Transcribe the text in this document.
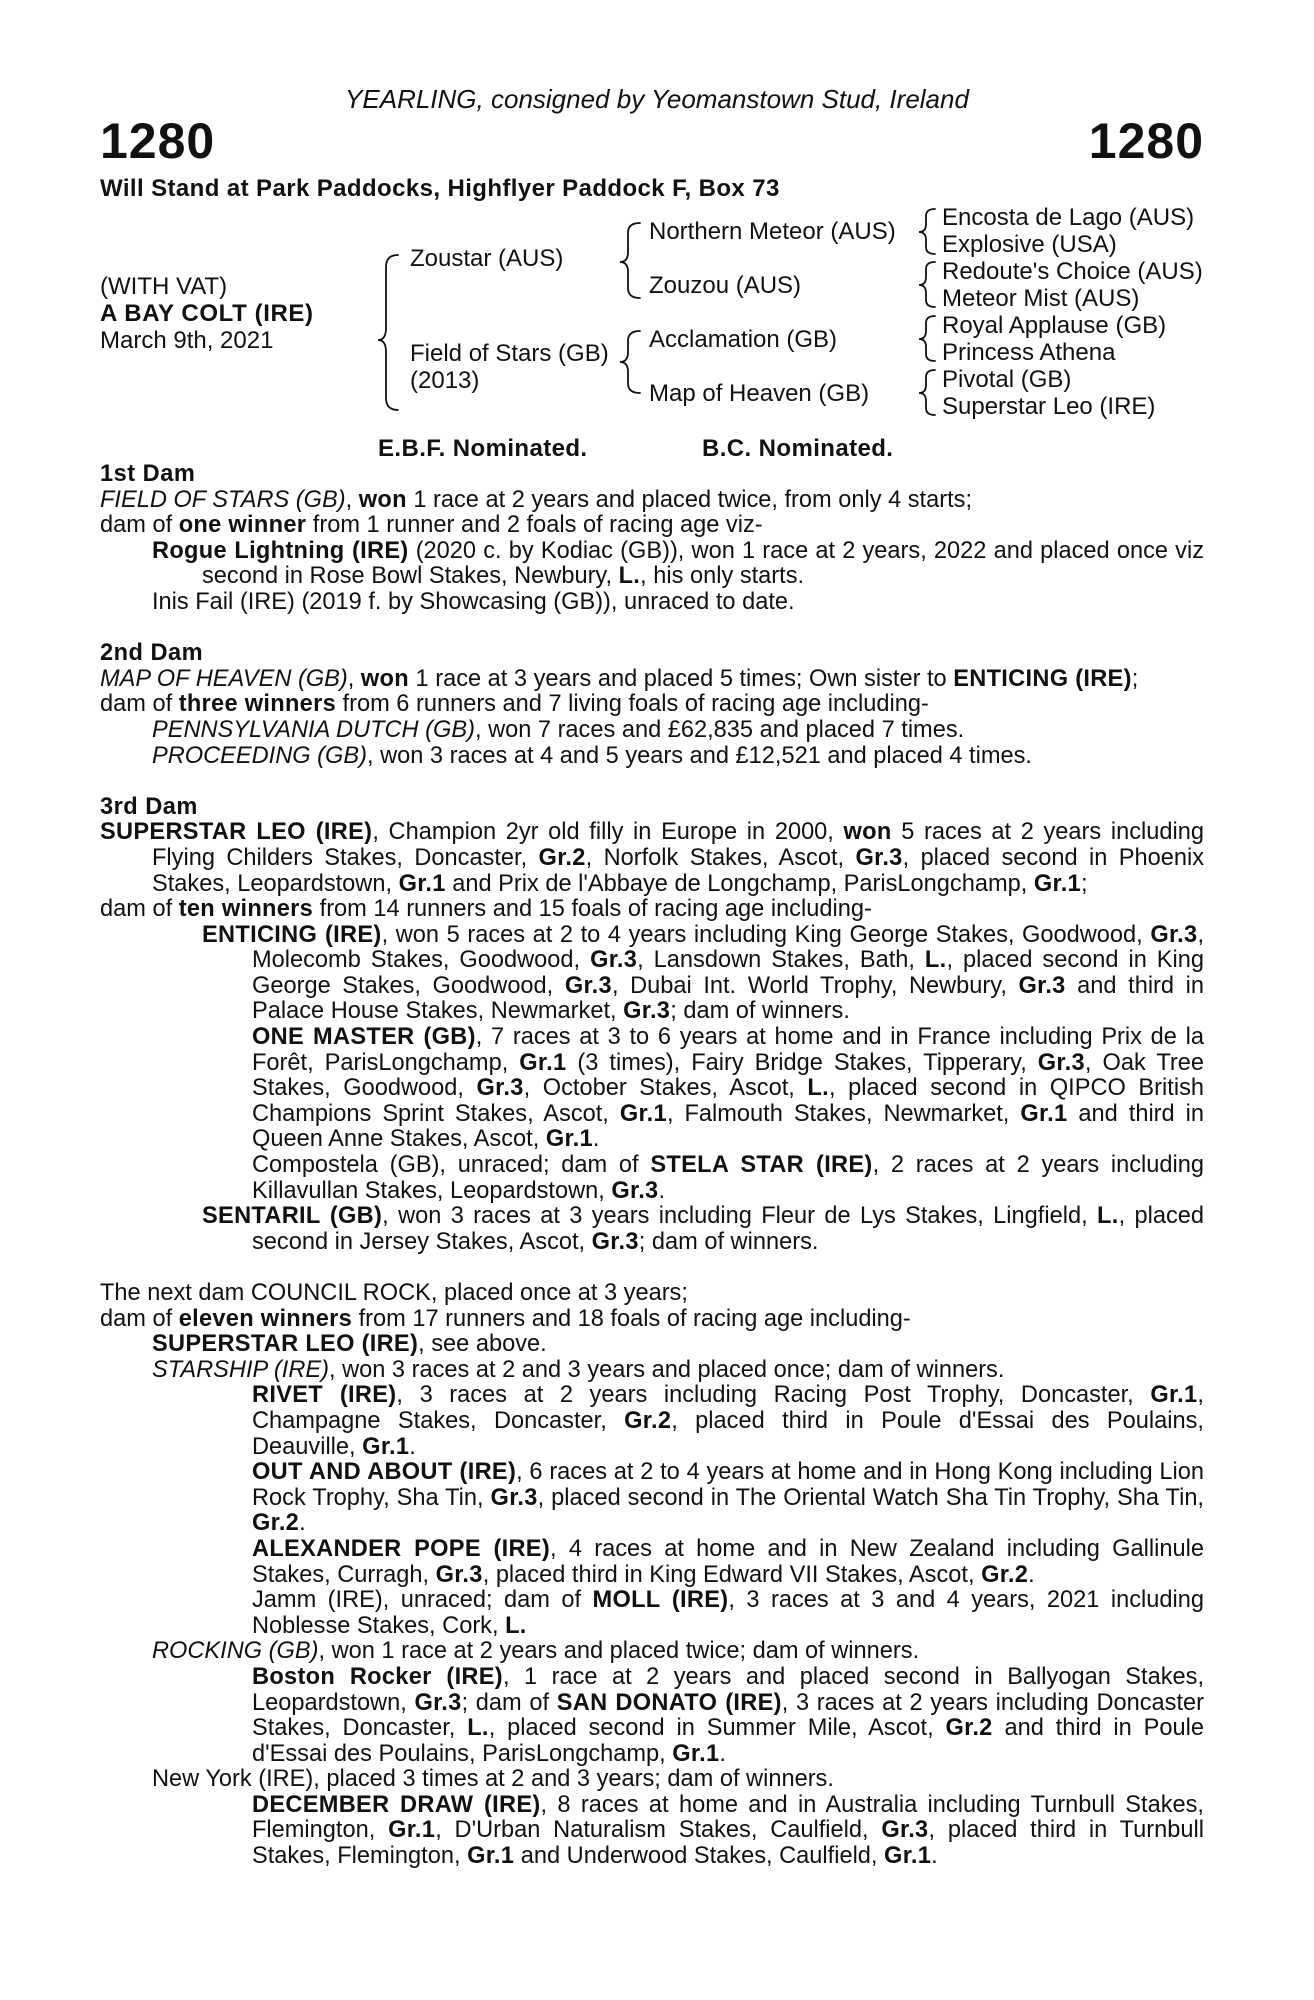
YEARLING, consigned by Yeomanstown Stud, Ireland
1280	1280
Will Stand at Park Paddocks, Highflyer Paddock F, Box 73
(WITH VAT)
A BAY COLT (IRE)
March 9th, 2021
Zoustar (AUS)
Field of Stars (GB)
(2013)
Northern Meteor (AUS)
Zouzou (AUS)
Acclamation (GB)
Map of Heaven (GB)
Encosta de Lago (AUS)
Explosive (USA)
Redoute's Choice (AUS)
Meteor Mist (AUS)
Royal Applause (GB)
Princess Athena
Pivotal (GB)
Superstar Leo (IRE)
E.B.F. Nominated.	B.C. Nominated.

1st Dam

FIELD OF STARS (GB), won 1 race at 2 years and placed twice, from only 4 starts;

dam of one winner from 1 runner and 2 foals of racing age viz-

Rogue Lightning (IRE) (2020 c. by Kodiac (GB)), won 1 race at 2 years, 2022 and placed once viz second in Rose Bowl Stakes, Newbury, L., his only starts.

Inis Fail (IRE) (2019 f. by Showcasing (GB)), unraced to date.

2nd Dam

MAP OF HEAVEN (GB), won 1 race at 3 years and placed 5 times; Own sister to ENTICING (IRE);

dam of three winners from 6 runners and 7 living foals of racing age including-

PENNSYLVANIA DUTCH (GB), won 7 races and £62,835 and placed 7 times.

PROCEEDING (GB), won 3 races at 4 and 5 years and £12,521 and placed 4 times.

3rd Dam

SUPERSTAR LEO (IRE), Champion 2yr old filly in Europe in 2000, won 5 races at 2 years including Flying Childers Stakes, Doncaster, Gr.2, Norfolk Stakes, Ascot, Gr.3, placed second in Phoenix Stakes, Leopardstown, Gr.1 and Prix de l'Abbaye de Longchamp, ParisLongchamp, Gr.1;

dam of ten winners from 14 runners and 15 foals of racing age including-

ENTICING (IRE), won 5 races at 2 to 4 years including King George Stakes, Goodwood, Gr.3, Molecomb Stakes, Goodwood, Gr.3, Lansdown Stakes, Bath, L., placed second in King George Stakes, Goodwood, Gr.3, Dubai Int. World Trophy, Newbury, Gr.3 and third in Palace House Stakes, Newmarket, Gr.3; dam of winners.

ONE MASTER (GB), 7 races at 3 to 6 years at home and in France including Prix de la Forêt, ParisLongchamp, Gr.1 (3 times), Fairy Bridge Stakes, Tipperary, Gr.3, Oak Tree Stakes, Goodwood, Gr.3, October Stakes, Ascot, L., placed second in QIPCO British Champions Sprint Stakes, Ascot, Gr.1, Falmouth Stakes, Newmarket, Gr.1 and third in Queen Anne Stakes, Ascot, Gr.1.

Compostela (GB), unraced; dam of STELA STAR (IRE), 2 races at 2 years including Killavullan Stakes, Leopardstown, Gr.3.

SENTARIL (GB), won 3 races at 3 years including Fleur de Lys Stakes, Lingfield, L., placed second in Jersey Stakes, Ascot, Gr.3; dam of winners.

The next dam COUNCIL ROCK, placed once at 3 years;

dam of eleven winners from 17 runners and 18 foals of racing age including-

SUPERSTAR LEO (IRE), see above.

STARSHIP (IRE), won 3 races at 2 and 3 years and placed once; dam of winners.

RIVET (IRE), 3 races at 2 years including Racing Post Trophy, Doncaster, Gr.1, Champagne Stakes, Doncaster, Gr.2, placed third in Poule d'Essai des Poulains, Deauville, Gr.1.

OUT AND ABOUT (IRE), 6 races at 2 to 4 years at home and in Hong Kong including Lion Rock Trophy, Sha Tin, Gr.3, placed second in The Oriental Watch Sha Tin Trophy, Sha Tin, Gr.2.

ALEXANDER POPE (IRE), 4 races at home and in New Zealand including Gallinule Stakes, Curragh, Gr.3, placed third in King Edward VII Stakes, Ascot, Gr.2.

Jamm (IRE), unraced; dam of MOLL (IRE), 3 races at 3 and 4 years, 2021 including Noblesse Stakes, Cork, L.

ROCKING (GB), won 1 race at 2 years and placed twice; dam of winners.

Boston Rocker (IRE), 1 race at 2 years and placed second in Ballyogan Stakes, Leopardstown, Gr.3; dam of SAN DONATO (IRE), 3 races at 2 years including Doncaster Stakes, Doncaster, L., placed second in Summer Mile, Ascot, Gr.2 and third in Poule d'Essai des Poulains, ParisLongchamp, Gr.1.

New York (IRE), placed 3 times at 2 and 3 years; dam of winners.

DECEMBER DRAW (IRE), 8 races at home and in Australia including Turnbull Stakes, Flemington, Gr.1, D'Urban Naturalism Stakes, Caulfield, Gr.3, placed third in Turnbull Stakes, Flemington, Gr.1 and Underwood Stakes, Caulfield, Gr.1.
